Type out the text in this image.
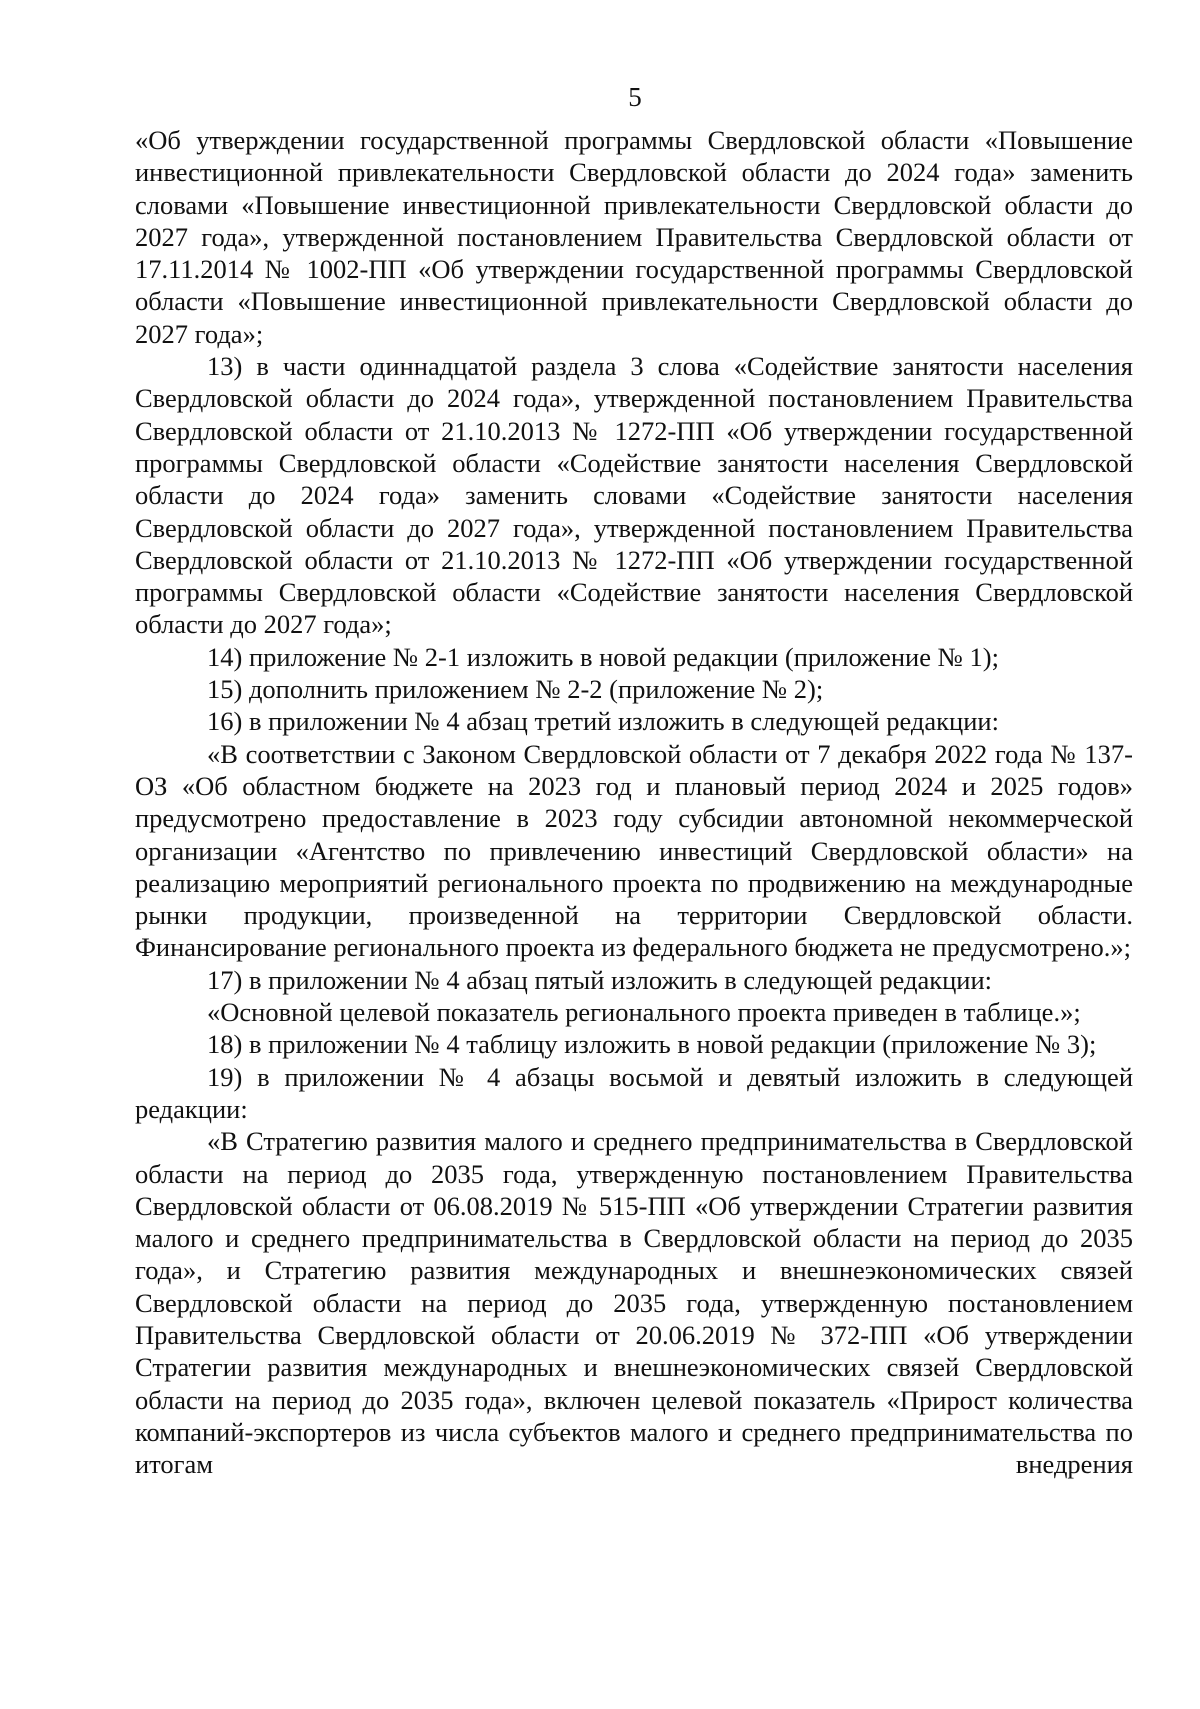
5

«Об утверждении государственной программы Свердловской области «Повышение инвестиционной привлекательности Свердловской области до 2024 года» заменить словами «Повышение инвестиционной привлекательности Свердловской области до 2027 года», утвержденной постановлением Правительства Свердловской области от 17.11.2014 № 1002-ПП «Об утверждении государственной программы Свердловской области «Повышение инвестиционной привлекательности Свердловской области до 2027 года»;

13) в части одиннадцатой раздела 3 слова «Содействие занятости населения Свердловской области до 2024 года», утвержденной постановлением Правительства Свердловской области от 21.10.2013 № 1272-ПП «Об утверждении государственной программы Свердловской области «Содействие занятости населения Свердловской области до 2024 года» заменить словами «Содействие занятости населения Свердловской области до 2027 года», утвержденной постановлением Правительства Свердловской области от 21.10.2013 № 1272-ПП «Об утверждении государственной программы Свердловской области «Содействие занятости населения Свердловской области до 2027 года»;

14) приложение № 2-1 изложить в новой редакции (приложение № 1);

15) дополнить приложением № 2-2 (приложение № 2);

16) в приложении № 4 абзац третий изложить в следующей редакции:

«В соответствии с Законом Свердловской области от 7 декабря 2022 года № 137-ОЗ «Об областном бюджете на 2023 год и плановый период 2024 и 2025 годов» предусмотрено предоставление в 2023 году субсидии автономной некоммерческой организации «Агентство по привлечению инвестиций Свердловской области» на реализацию мероприятий регионального проекта по продвижению на международные рынки продукции, произведенной на территории Свердловской области. Финансирование регионального проекта из федерального бюджета не предусмотрено.»;

17) в приложении № 4 абзац пятый изложить в следующей редакции:

«Основной целевой показатель регионального проекта приведен в таблице.»;

18) в приложении № 4 таблицу изложить в новой редакции (приложение № 3);

19) в приложении № 4 абзацы восьмой и девятый изложить в следующей редакции:

«В Стратегию развития малого и среднего предпринимательства в Свердловской области на период до 2035 года, утвержденную постановлением Правительства Свердловской области от 06.08.2019 № 515-ПП «Об утверждении Стратегии развития малого и среднего предпринимательства в Свердловской области на период до 2035 года», и Стратегию развития международных и внешнеэкономических связей Свердловской области на период до 2035 года, утвержденную постановлением Правительства Свердловской области от 20.06.2019 № 372-ПП «Об утверждении Стратегии развития международных и внешнеэкономических связей Свердловской области на период до 2035 года», включен целевой показатель «Прирост количества компаний-экспортеров из числа субъектов малого и среднего предпринимательства по итогам внедрения
